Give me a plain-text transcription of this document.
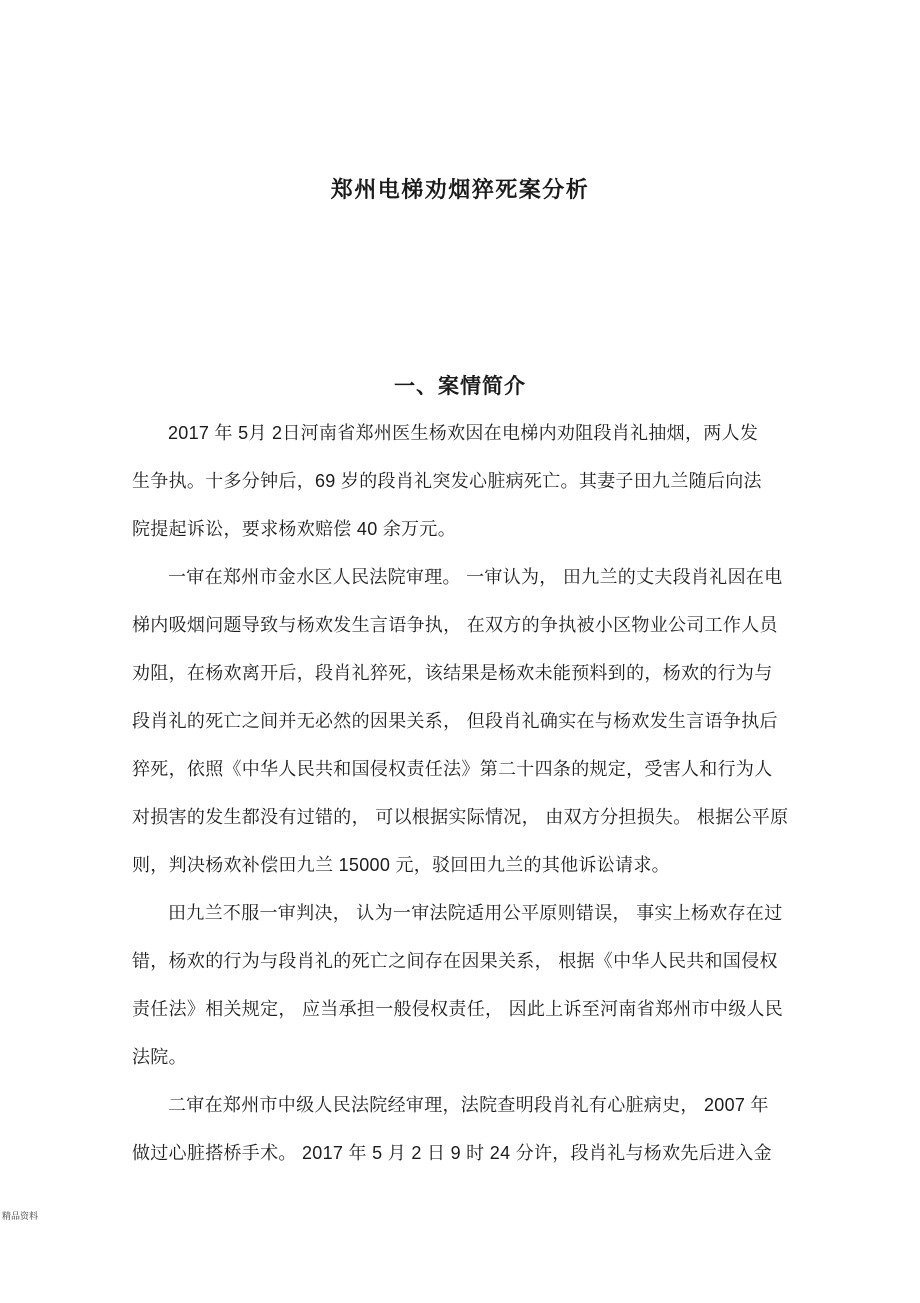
郑州电梯劝烟猝死案分析
一、案情简介
2017 年 5月 2日河南省郑州医生杨欢因在电梯内劝阻段肖礼抽烟，两人发
生争执。十多分钟后，69 岁的段肖礼突发心脏病死亡。其妻子田九兰随后向法
院提起诉讼，要求杨欢赔偿 40 余万元。
一审在郑州市金水区人民法院审理。 一审认为， 田九兰的丈夫段肖礼因在电
梯内吸烟问题导致与杨欢发生言语争执， 在双方的争执被小区物业公司工作人员
劝阻，在杨欢离开后，段肖礼猝死，该结果是杨欢未能预料到的，杨欢的行为与
段肖礼的死亡之间并无必然的因果关系， 但段肖礼确实在与杨欢发生言语争执后
猝死，依照《中华人民共和国侵权责任法》第二十四条的规定，受害人和行为人
对损害的发生都没有过错的， 可以根据实际情况， 由双方分担损失。 根据公平原
则，判决杨欢补偿田九兰 15000 元，驳回田九兰的其他诉讼请求。
田九兰不服一审判决， 认为一审法院适用公平原则错误， 事实上杨欢存在过
错，杨欢的行为与段肖礼的死亡之间存在因果关系， 根据《中华人民共和国侵权
责任法》相关规定， 应当承担一般侵权责任， 因此上诉至河南省郑州市中级人民
法院。
二审在郑州市中级人民法院经审理，法院查明段肖礼有心脏病史， 2007 年
做过心脏搭桥手术。 2017 年 5 月 2 日 9 时 24 分许，段肖礼与杨欢先后进入金
精品资料
